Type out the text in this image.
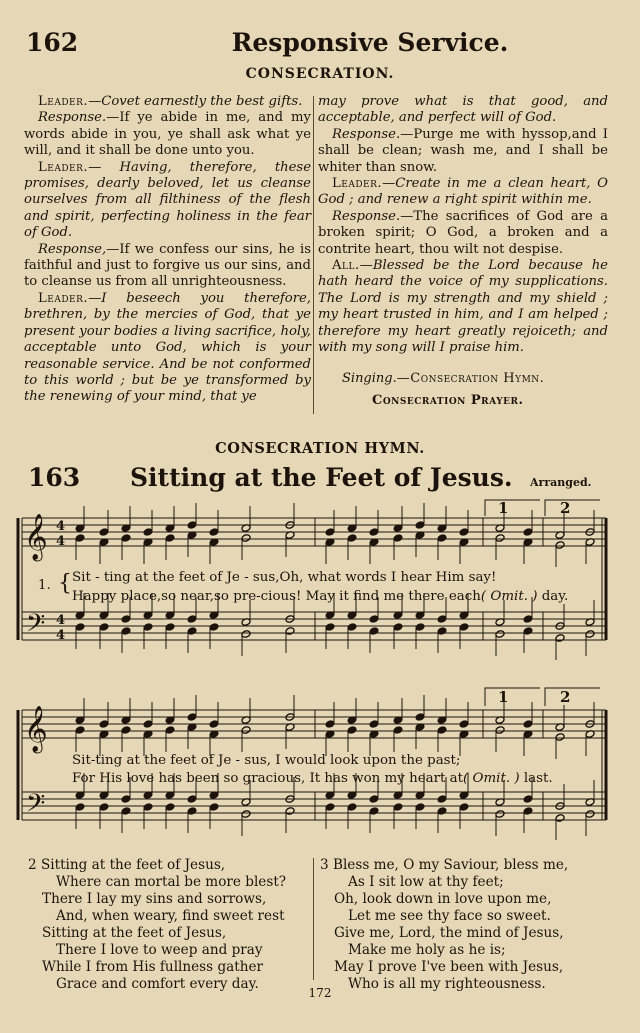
162	Responsive Service.
CONSECRATION.

Leader.—Covet earnestly the best gifts.

Response.—If ye abide in me, and my words abide in you, ye shall ask what ye will, and it shall be done unto you.

Leader.— Having, therefore, these promises, dearly beloved, let us cleanse ourselves from all filthiness of the flesh and spirit, perfecting holiness in the fear of God.

Response,—If we confess our sins, he is faithful and just to forgive us our sins, and to cleanse us from all unrighteousness.

Leader.—I beseech you therefore, brethren, by the mercies of God, that ye present your bodies a living sacrifice, holy, acceptable unto God, which is your reasonable service. And be not conformed to this world ; but be ye transformed by the renewing of your mind, that ye

may prove what is that good, and acceptable, and perfect will of God.

Response.—Purge me with hyssop,and I shall be clean; wash me, and I shall be whiter than snow.

Leader.—Create in me a clean heart, O God ; and renew a right spirit within me.

Response.—The sacrifices of God are a broken spirit; O God, a broken and a contrite heart, thou wilt not despise.

All.—Blessed be the Lord because he hath heard the voice of my supplications. The Lord is my strength and my shield ; my heart trusted in him, and I am helped ; therefore my heart greatly rejoiceth; and with my song will I praise him.

Singing.—Consecration Hymn.
Consecration Prayer.
CONSECRATION HYMN.
163 Sitting at the Feet of Jesus. Arranged.
1	2
𝄞
𝄢
4
4
4
4
1. { Sit - ting at the feet of Je - sus,Oh, what words I hear Him say!
Happy place,so near,so pre-cious! May it find me there each( Omit. ) day.
1	2
𝄞
𝄢
Sit-ting at the feet of Je - sus, I would look upon the past;
For His love has been so gracious, It has won my heart at( Omit. ) last.
2 Sitting at the feet of Jesus,
Where can mortal be more blest?
There I lay my sins and sorrows,
And, when weary, find sweet rest
Sitting at the feet of Jesus,
There I love to weep and pray
While I from His fullness gather
Grace and comfort every day.
3 Bless me, O my Saviour, bless me,
As I sit low at thy feet;
Oh, look down in love upon me,
Let me see thy face so sweet.
Give me, Lord, the mind of Jesus,
Make me holy as he is;
May I prove I've been with Jesus,
Who is all my righteousness.
172
